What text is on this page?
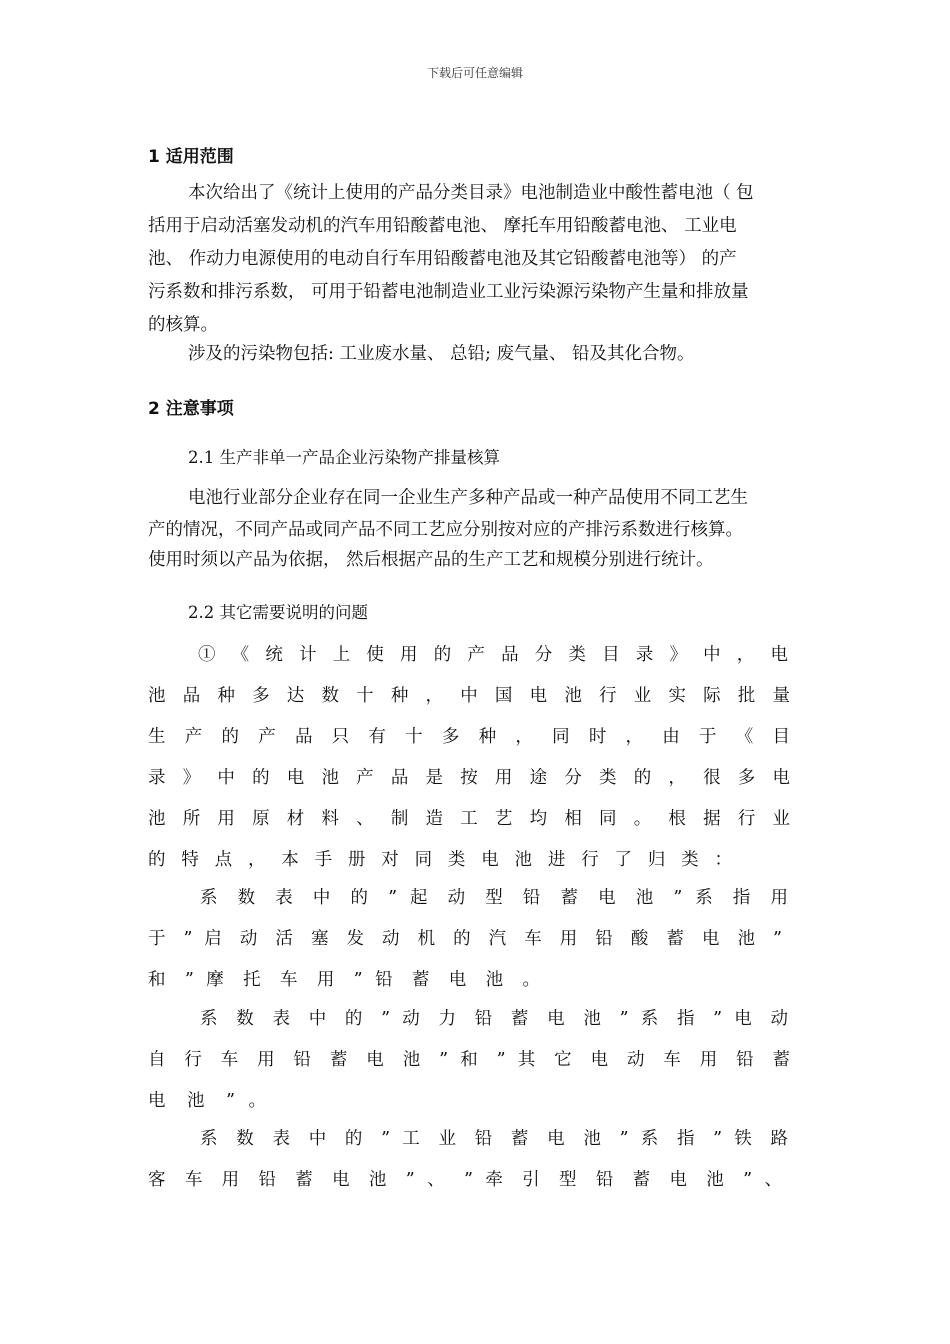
下载后可任意编辑
1 适用范围
本次给出了《统计上使用的产品分类目录》电池制造业中酸性蓄电池（ 包
括用于启动活塞发动机的汽车用铅酸蓄电池、 摩托车用铅酸蓄电池、 工业电
池、 作动力电源使用的电动自行车用铅酸蓄电池及其它铅酸蓄电池等） 的产
污系数和排污系数， 可用于铅蓄电池制造业工业污染源污染物产生量和排放量
的核算。
涉及的污染物包括: 工业废水量、 总铅; 废气量、 铅及其化合物。
2 注意事项
2.1 生产非单一产品企业污染物产排量核算
电池行业部分企业存在同一企业生产多种产品或一种产品使用不同工艺生
产的情况，不同产品或同产品不同工艺应分别按对应的产排污系数进行核算。
使用时须以产品为依据， 然后根据产品的生产工艺和规模分别进行统计。
2.2 其它需要说明的问题
① 《 统 计 上 使 用 的 产 品 分 类 目 录 》 中 ， 电
池 品 种 多 达 数 十 种 ， 中 国 电 池 行 业 实 际 批 量
生 产 的 产 品 只 有 十 多 种 ， 同 时 ， 由 于 《 目
录 》 中 的 电 池 产 品 是 按 用 途 分 类 的 ， 很 多 电
池 所 用 原 材 料 、 制 造 工 艺 均 相 同 。 根 据 行 业
的 特 点 ， 本 手 册 对 同 类 电 池 进 行 了 归 类 ：
系 数 表 中 的 ” 起 动 型 铅 蓄 电 池 ” 系 指 用
于 ” 启 动 活 塞 发 动 机 的 汽 车 用 铅 酸 蓄 电 池 ”
和 ” 摩 托 车 用 ” 铅 蓄 电 池 。
系 数 表 中 的 ” 动 力 铅 蓄 电 池 ” 系 指 ” 电 动
自 行 车 用 铅 蓄 电 池 ” 和 ” 其 它 电 动 车 用 铅 蓄
电 池 ” 。
系 数 表 中 的 ” 工 业 铅 蓄 电 池 ” 系 指 ” 铁 路
客 车 用 铅 蓄 电 池 ” 、 ” 牵 引 型 铅 蓄 电 池 ” 、
